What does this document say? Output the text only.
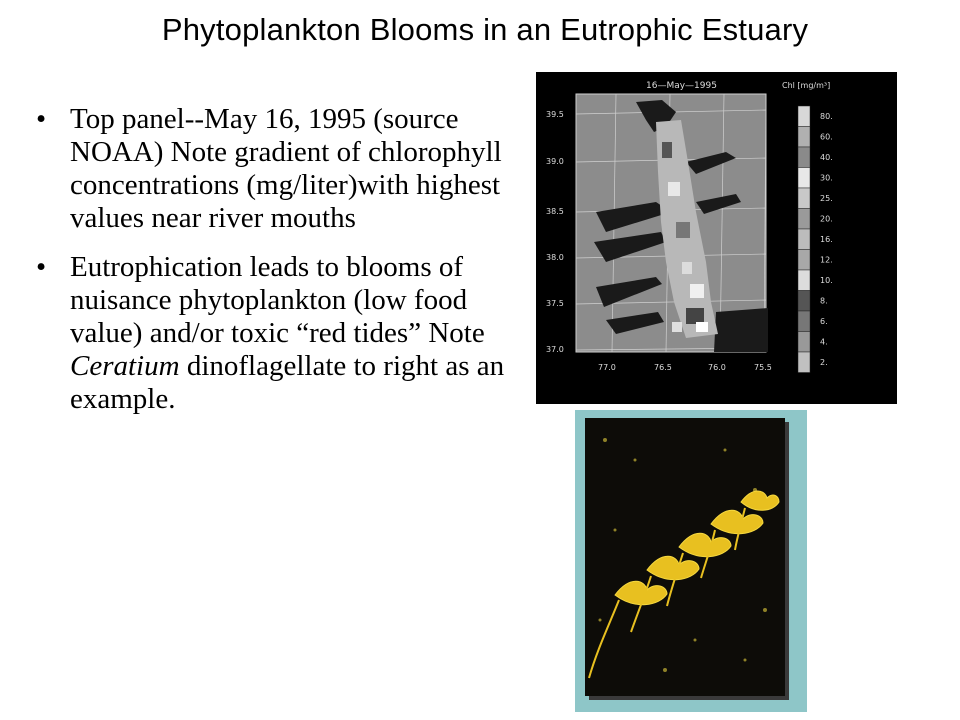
Phytoplankton Blooms in an Eutrophic Estuary
• Top panel--May 16, 1995 (source NOAA) Note gradient of chlorophyll concentrations (mg/liter)with highest values near river mouths
• Eutrophication leads to blooms of nuisance phytoplankton (low food value) and/or toxic “red tides” Note Ceratium dinoflagellate to right as an example.
39.5
39.0
38.5
38.0
37.5
37.0
77.0	76.5	76.0	75.5
16—May—1995	Chl [mg/m³]
80.
60.
40.
30.
25.
20.
16.
12.
10.
8.
6.
4.
2.
